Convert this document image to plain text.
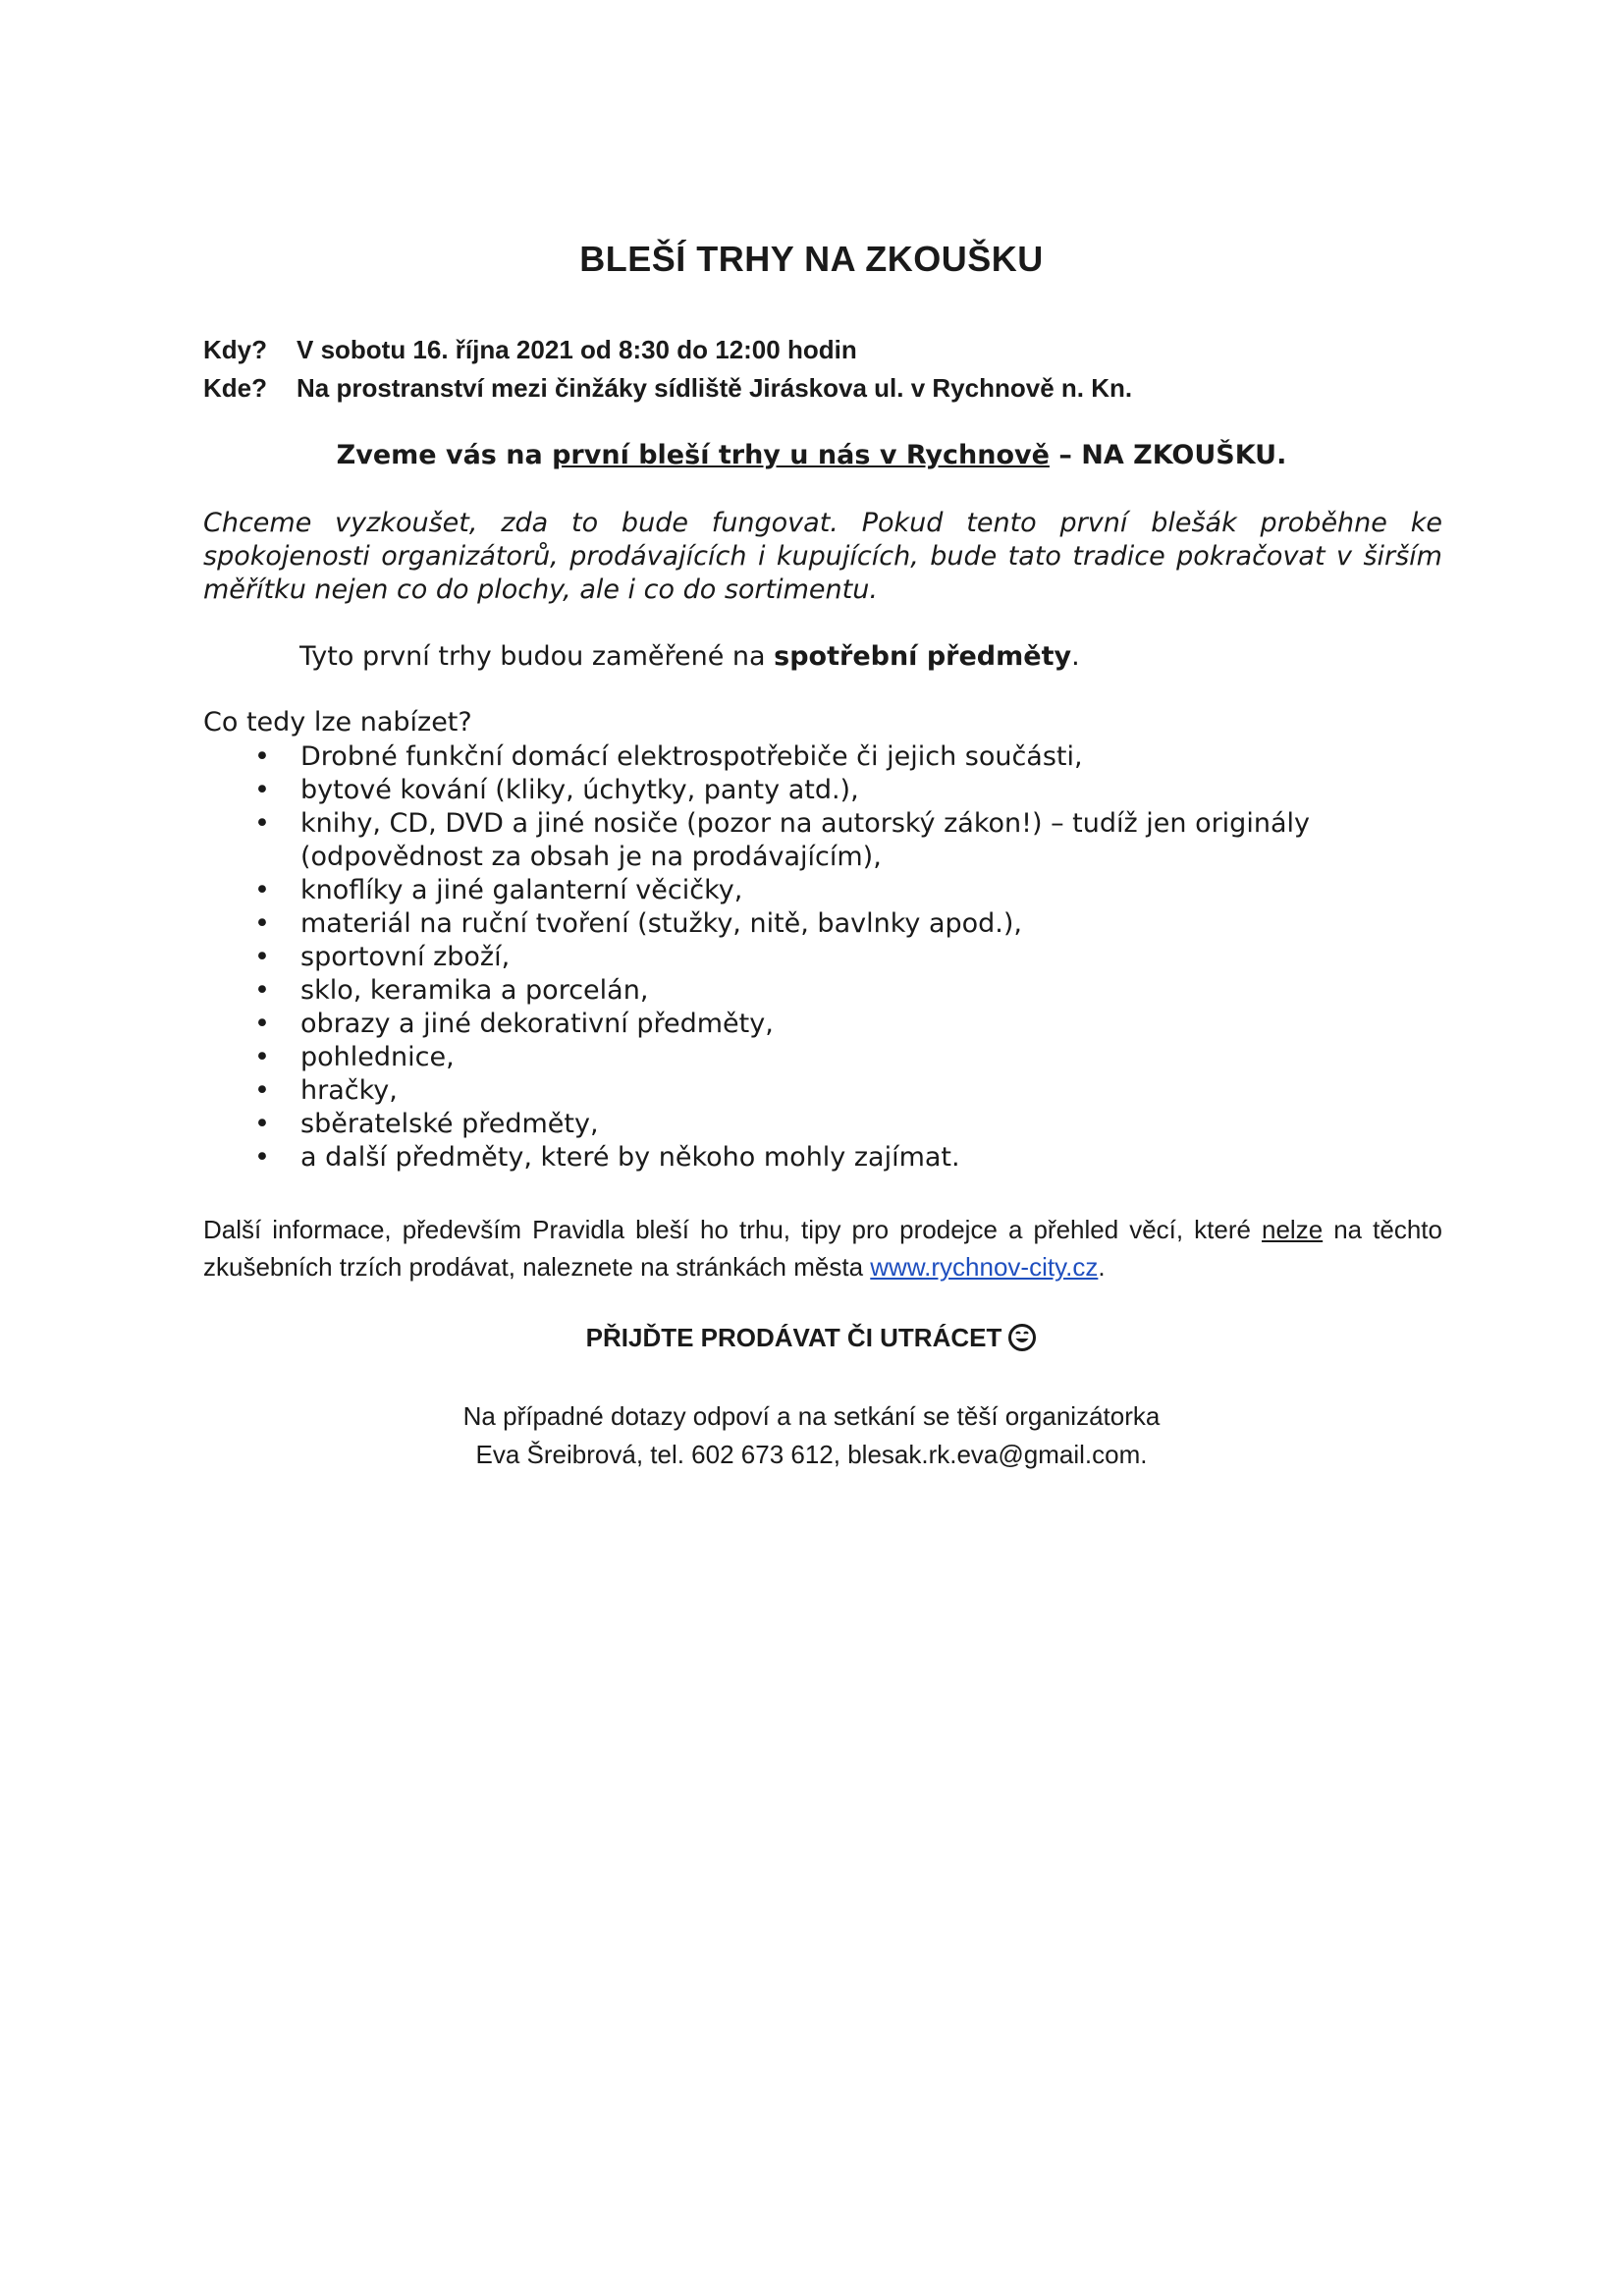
BLEŠÍ TRHY NA ZKOUŠKU
Kdy? V sobotu 16. října 2021 od 8:30 do 12:00 hodin
Kde? Na prostranství mezi činžáky sídliště Jiráskova ul. v Rychnově n. Kn.
Zveme vás na první bleší trhy u nás v Rychnově – NA ZKOUŠKU.
Chceme vyzkoušet, zda to bude fungovat. Pokud tento první blešák proběhne ke spokojenosti organizátorů, prodávajících i kupujících, bude tato tradice pokračovat v širším měřítku nejen co do plochy, ale i co do sortimentu.
Tyto první trhy budou zaměřené na spotřební předměty.
Co tedy lze nabízet?
• Drobné funkční domácí elektrospotřebiče či jejich součásti,
• bytové kování (kliky, úchytky, panty atd.),
• knihy, CD, DVD a jiné nosiče (pozor na autorský zákon!) – tudíž jen originály (odpovědnost za obsah je na prodávajícím),
• knoflíky a jiné galanterní věcičky,
• materiál na ruční tvoření (stužky, nitě, bavlnky apod.),
• sportovní zboží,
• sklo, keramika a porcelán,
• obrazy a jiné dekorativní předměty,
• pohlednice,
• hračky,
• sběratelské předměty,
• a další předměty, které by někoho mohly zajímat.
Další informace, především Pravidla bleší ho trhu, tipy pro prodejce a přehled věcí, které nelze na těchto zkušebních trzích prodávat, naleznete na stránkách města www.rychnov-city.cz.
PŘIJĎTE PRODÁVAT ČI UTRÁCET
Na případné dotazy odpoví a na setkání se těší organizátorka
Eva Šreibrová, tel. 602 673 612, blesak.rk.eva@gmail.com.
